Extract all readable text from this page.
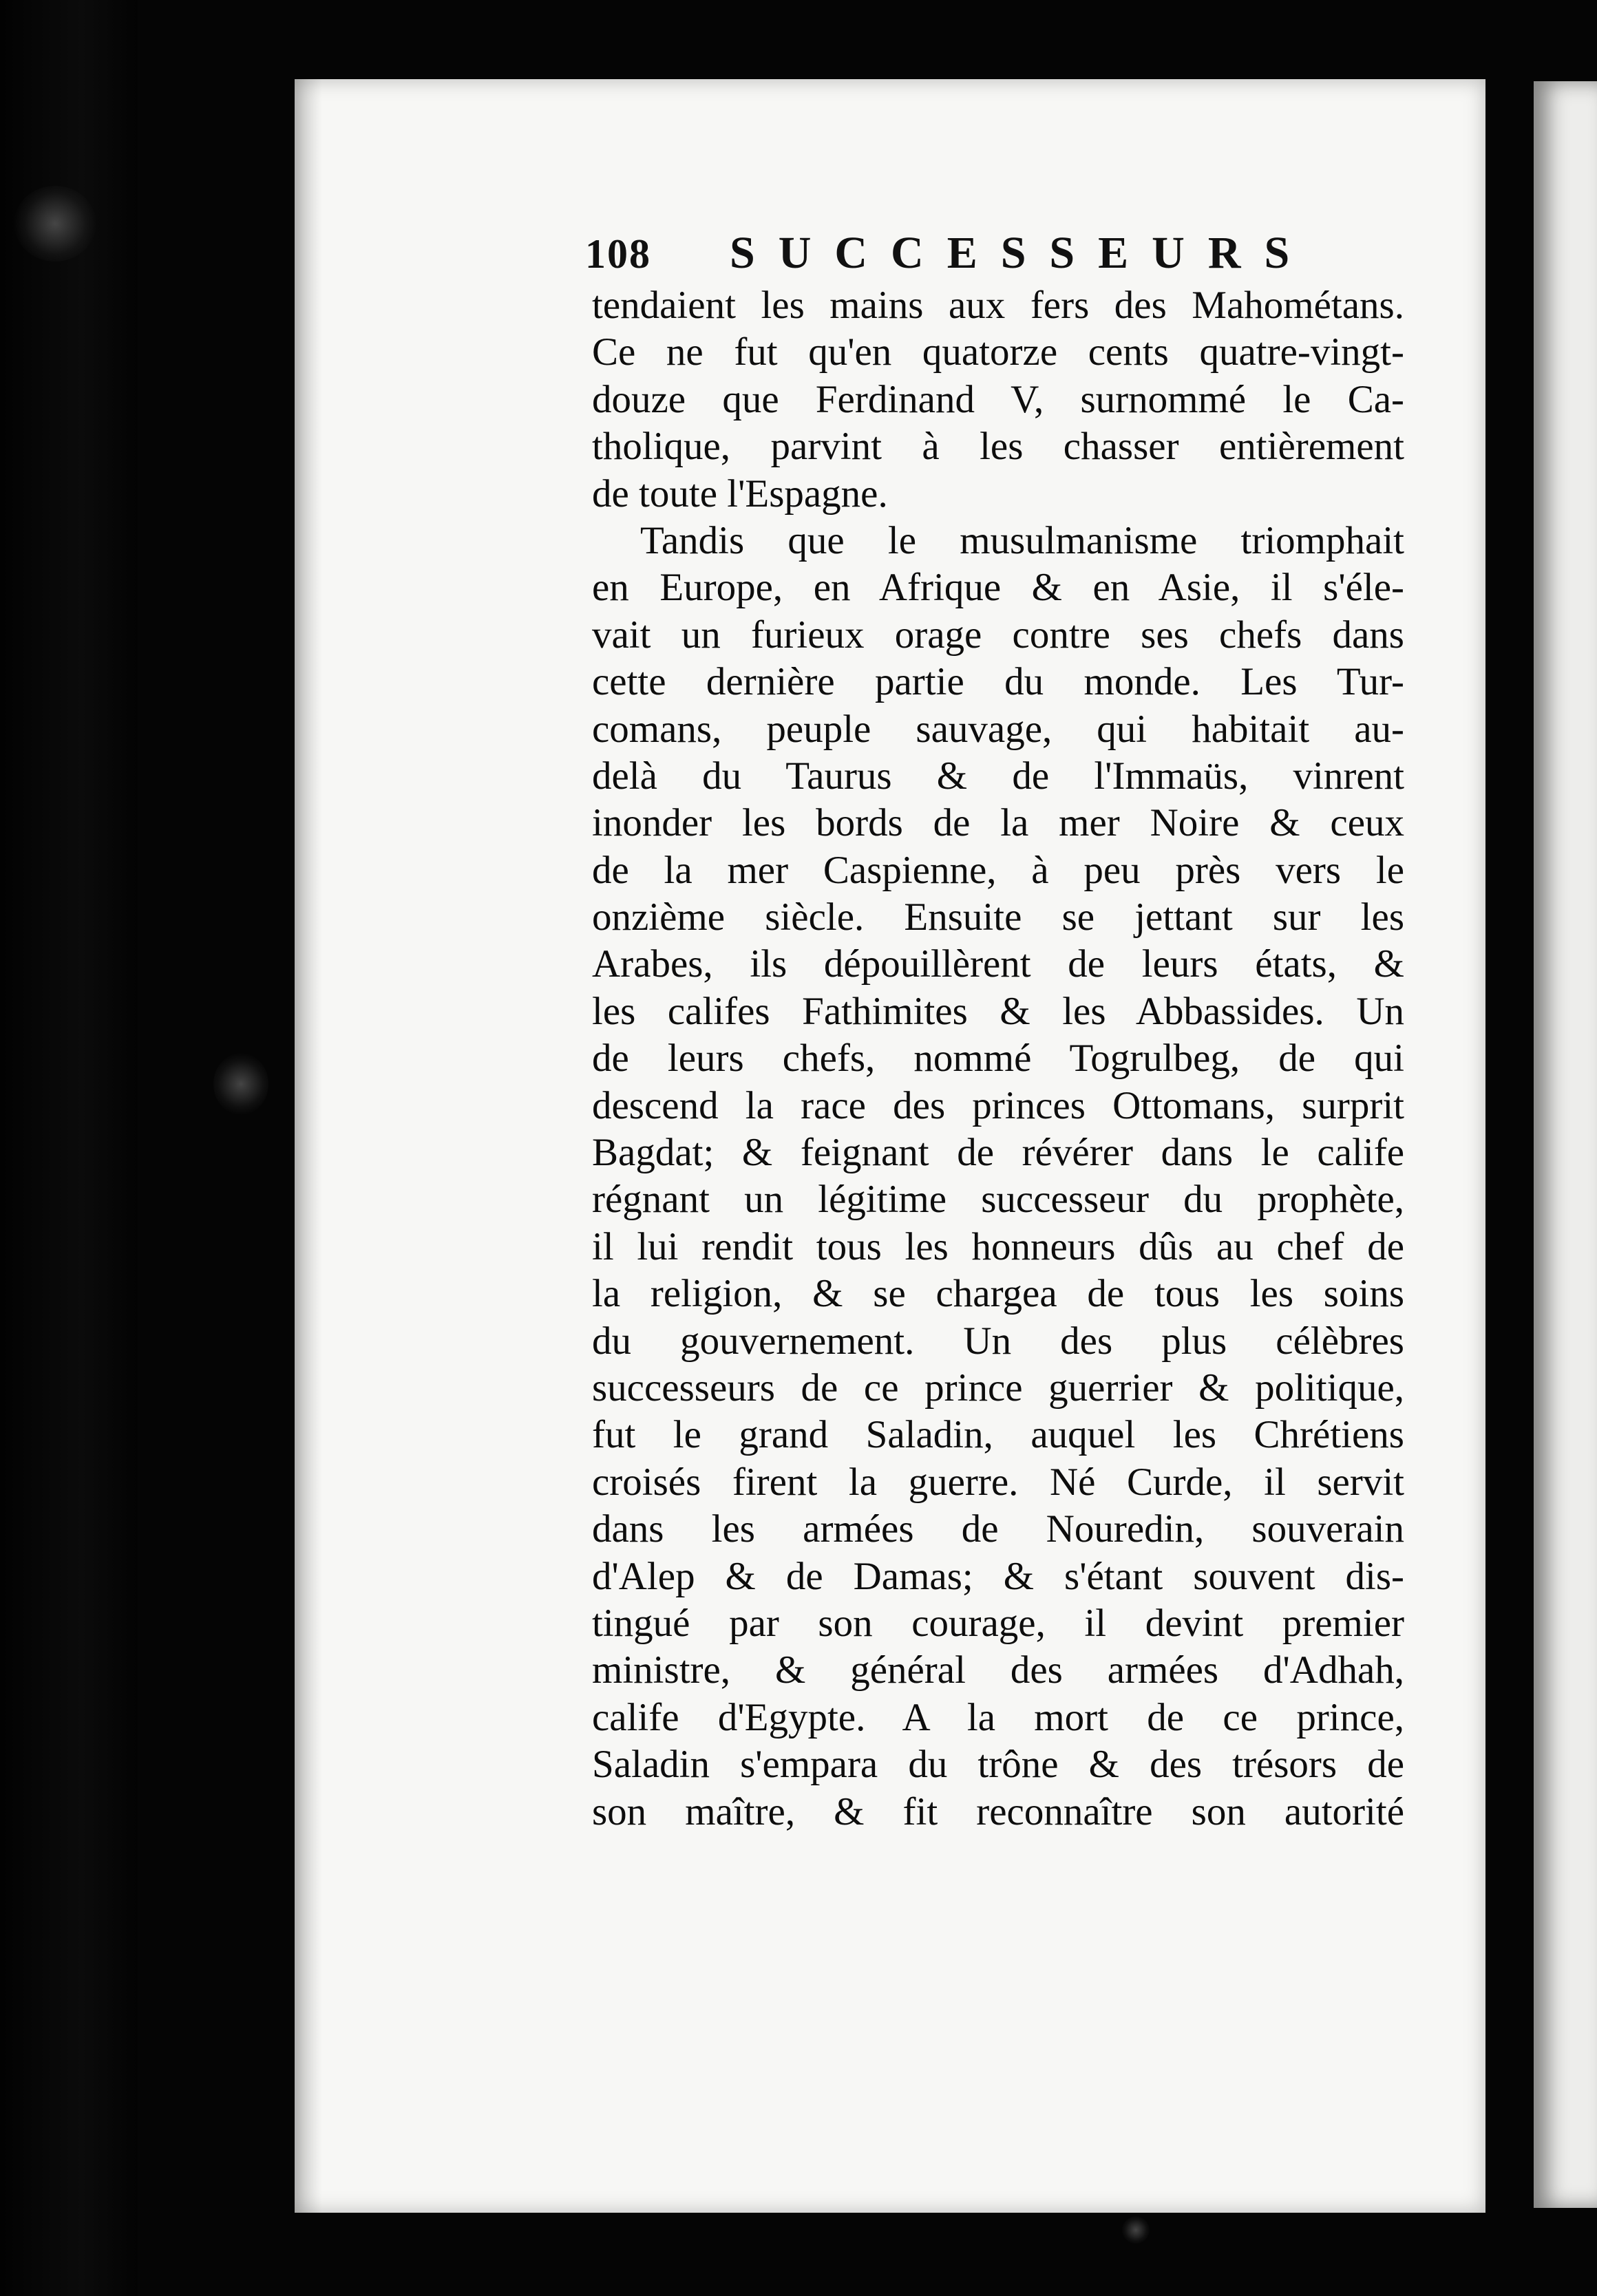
108	SUCCESSEURS
tendaient les mains aux fers des Mahométans.
Ce ne fut qu'en quatorze cents quatre-vingt-
douze que Ferdinand V, surnommé le Ca-
tholique, parvint à les chasser entièrement
de toute l'Espagne.
Tandis que le musulmanisme triomphait
en Europe, en Afrique & en Asie, il s'éle-
vait un furieux orage contre ses chefs dans
cette dernière partie du monde. Les Tur-
comans, peuple sauvage, qui habitait au-
delà du Taurus & de l'Immaüs, vinrent
inonder les bords de la mer Noire & ceux
de la mer Caspienne, à peu près vers le
onzième siècle. Ensuite se jettant sur les
Arabes, ils dépouillèrent de leurs états, &
les califes Fathimites & les Abbassides. Un
de leurs chefs, nommé Togrulbeg, de qui
descend la race des princes Ottomans, surprit
Bagdat; & feignant de révérer dans le calife
régnant un légitime successeur du prophète,
il lui rendit tous les honneurs dûs au chef de
la religion, & se chargea de tous les soins
du gouvernement. Un des plus célèbres
successeurs de ce prince guerrier & politique,
fut le grand Saladin, auquel les Chrétiens
croisés firent la guerre. Né Curde, il servit
dans les armées de Nouredin, souverain
d'Alep & de Damas; & s'étant souvent dis-
tingué par son courage, il devint premier
ministre, & général des armées d'Adhah,
calife d'Egypte. A la mort de ce prince,
Saladin s'empara du trône & des trésors de
son maître, & fit reconnaître son autorité
